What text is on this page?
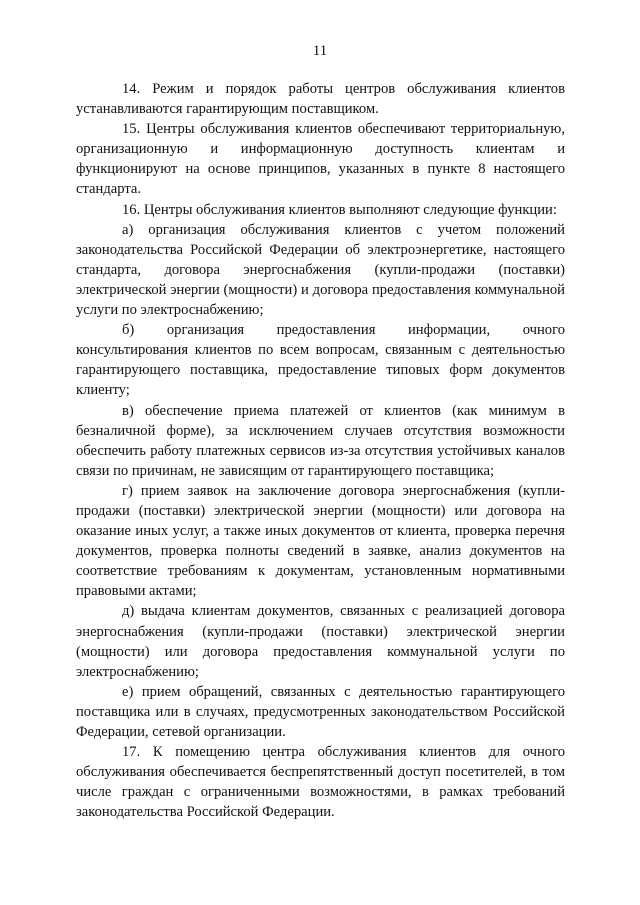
11

14. Режим и порядок работы центров обслуживания клиентов устанавливаются гарантирующим поставщиком.

15. Центры обслуживания клиентов обеспечивают территориальную, организационную и информационную доступность клиентам и функционируют на основе принципов, указанных в пункте 8 настоящего стандарта.

16. Центры обслуживания клиентов выполняют следующие функции:

а) организация обслуживания клиентов с учетом положений законодательства Российской Федерации об электроэнергетике, настоящего стандарта, договора энергоснабжения (купли-продажи (поставки) электрической энергии (мощности) и договора предоставления коммунальной услуги по электроснабжению;

б) организация предоставления информации, очного консультирования клиентов по всем вопросам, связанным с деятельностью гарантирующего поставщика, предоставление типовых форм документов клиенту;

в) обеспечение приема платежей от клиентов (как минимум в безналичной форме), за исключением случаев отсутствия возможности обеспечить работу платежных сервисов из-за отсутствия устойчивых каналов связи по причинам, не зависящим от гарантирующего поставщика;

г) прием заявок на заключение договора энергоснабжения (купли-продажи (поставки) электрической энергии (мощности) или договора на оказание иных услуг, а также иных документов от клиента, проверка перечня документов, проверка полноты сведений в заявке, анализ документов на соответствие требованиям к документам, установленным нормативными правовыми актами;

д) выдача клиентам документов, связанных с реализацией договора энергоснабжения (купли-продажи (поставки) электрической энергии (мощности) или договора предоставления коммунальной услуги по электроснабжению;

е) прием обращений, связанных с деятельностью гарантирующего поставщика или в случаях, предусмотренных законодательством Российской Федерации, сетевой организации.

17. К помещению центра обслуживания клиентов для очного обслуживания обеспечивается беспрепятственный доступ посетителей, в том числе граждан с ограниченными возможностями, в рамках требований законодательства Российской Федерации.
